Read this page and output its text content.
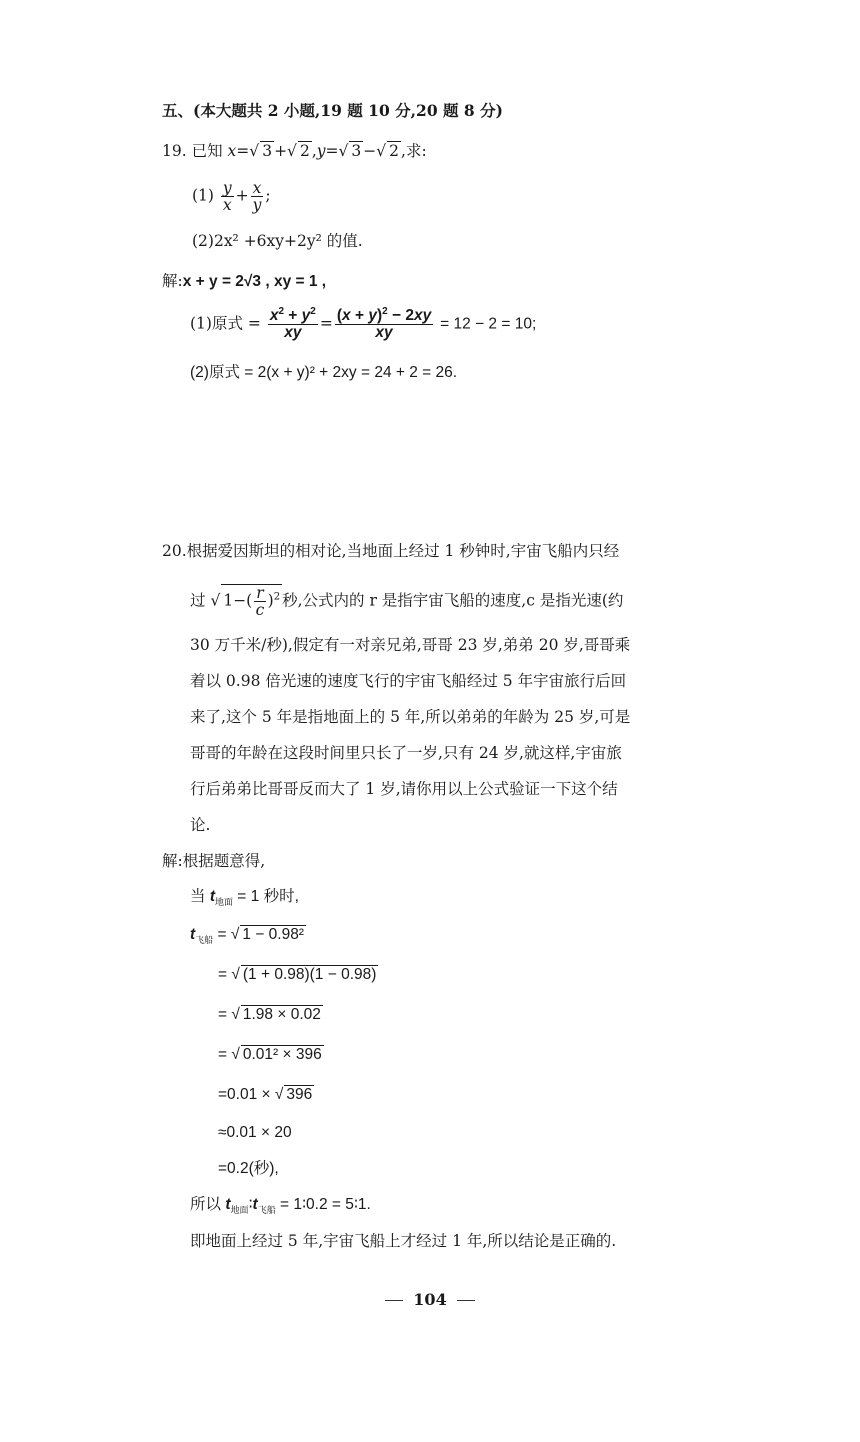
五、(本大题共 2 小题,19 题 10 分,20 题 8 分)
19. 已知 x=√ 3 +√ 2 ,y=√ 3 −√ 2 ,求:
$(1) \frac{y}{x} + \frac{x}{y}$ ;
(2)2x² +6xy+2y² 的值.
解:x + y = 2√3 , xy = 1 ,
(1)原式 = $\frac{x^2 + y^2}{xy} = \frac{(x + y)^2 - 2xy}{xy} = 12 - 2 = 10$;
(2)原式 = 2(x + y)² + 2xy = 24 + 2 = 26.
20.根据爱因斯坦的相对论,当地面上经过 1 秒钟时,宇宙飞船内只经
过 √ $1-( \frac{r}{c} )^2$ 秒,公式内的 r 是指宇宙飞船的速度,c 是指光速(约
30 万千米/秒),假定有一对亲兄弟,哥哥 23 岁,弟弟 20 岁,哥哥乘
着以 0.98 倍光速的速度飞行的宇宙飞船经过 5 年宇宙旅行后回
来了,这个 5 年是指地面上的 5 年,所以弟弟的年龄为 25 岁,可是
哥哥的年龄在这段时间里只长了一岁,只有 24 岁,就这样,宇宙旅
行后弟弟比哥哥反而大了 1 岁,请你用以上公式验证一下这个结
论.
解:根据题意得,
当 $t_{地面} = 1$ 秒时,
$t_{飞船}$ = √ 1 − 0.98²
= √ (1 + 0.98)(1 − 0.98)
= √ 1.98 × 0.02
= √ 0.01² × 396
=0.01 × √ 396
≈0.01 × 20
=0.2(秒),
所以 $t_{地面}∶t_{飞船}$ = 1∶0.2 = 5∶1.
即地面上经过 5 年,宇宙飞船上才经过 1 年,所以结论是正确的.
104
